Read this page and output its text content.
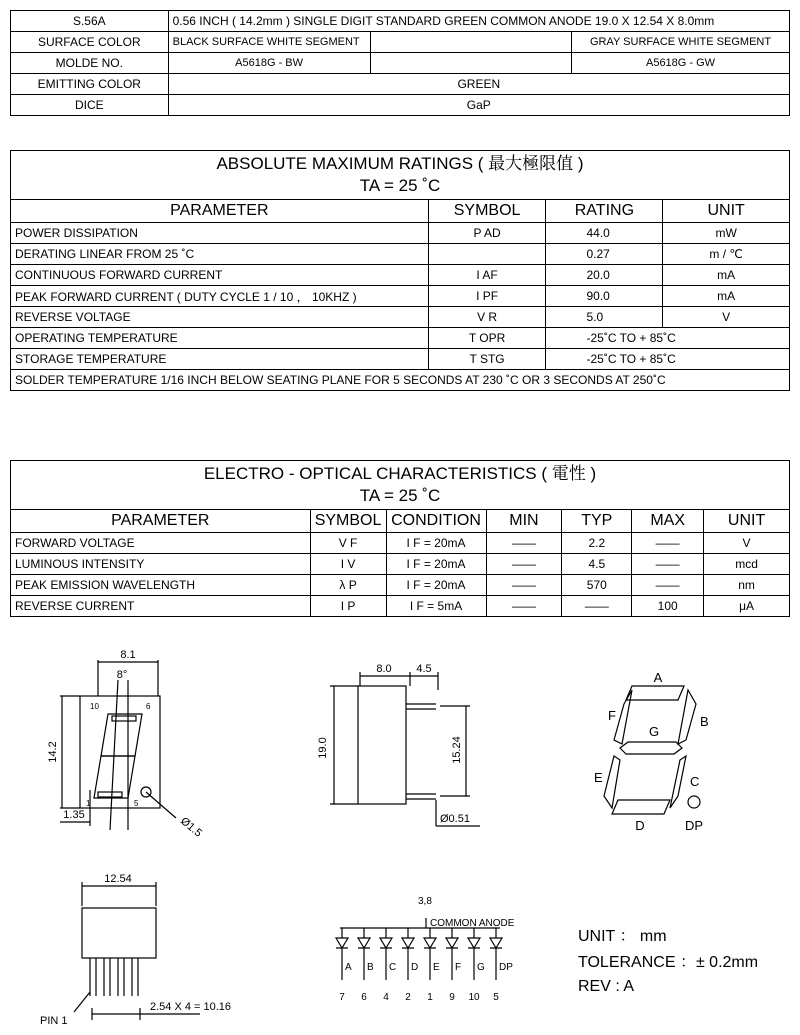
S.56A	0.56 INCH ( 14.2mm ) SINGLE DIGIT STANDARD GREEN COMMON ANODE 19.0 X 12.54 X 8.0mm		
SURFACE COLOR	BLACK SURFACE WHITE SEGMENT		GRAY SURFACE WHITE SEGMENT
MOLDE NO.	A5618G - BW		A5618G - GW
EMITTING COLOR	GREEN		
DICE	GaP		
ABSOLUTE MAXIMUM RATINGS ( 最大極限值 )
TA = 25 ˚C			

PARAMETER	SYMBOL	RATING	UNIT
POWER DISSIPATION	P AD	44.0	mW
DERATING LINEAR FROM 25 ˚C		0.27	m / ℃
CONTINUOUS FORWARD CURRENT	I AF	20.0	mA
PEAK FORWARD CURRENT ( DUTY CYCLE 1 / 10 ， 10KHZ )	I PF	90.0	mA
REVERSE VOLTAGE	V R	5.0	V
OPERATING TEMPERATURE	T OPR	-25˚C TO + 85˚C	
STORAGE TEMPERATURE	T STG	-25˚C TO + 85˚C	
SOLDER TEMPERATURE 1/16 INCH BELOW SEATING PLANE FOR 5 SECONDS AT 230 ˚C OR 3 SECONDS AT 250˚C			
ELECTRO - OPTICAL CHARACTERISTICS ( 電性 )
TA = 25 ˚C						

PARAMETER	SYMBOL	CONDITION	MIN	TYP	MAX	UNIT
FORWARD VOLTAGE	V F	I F = 20mA	——	2.2	——	V
LUMINOUS INTENSITY	I V	I F = 20mA	——	4.5	——	mcd
PEAK EMISSION WAVELENGTH	λ P	I F = 20mA	——	570	——	nm
REVERSE CURRENT	I P	I F = 5mA	——	——	100	μA
8.1
8°
14.2
1.35
Ø1.5
10	6
1	5
8.0 4.5
19.0	15.24
Ø0.51
A
B
C
D
E
F
G
DP
12.54
PIN 1
2.54 X 4 = 10.16
3,8
COMMON ANODE
A
7
B
6
C
4
D
2
E
1
F
9
G
10
DP
5
UNIT ： mm
TOLERANCE ：± 0.2mm
REV : A
